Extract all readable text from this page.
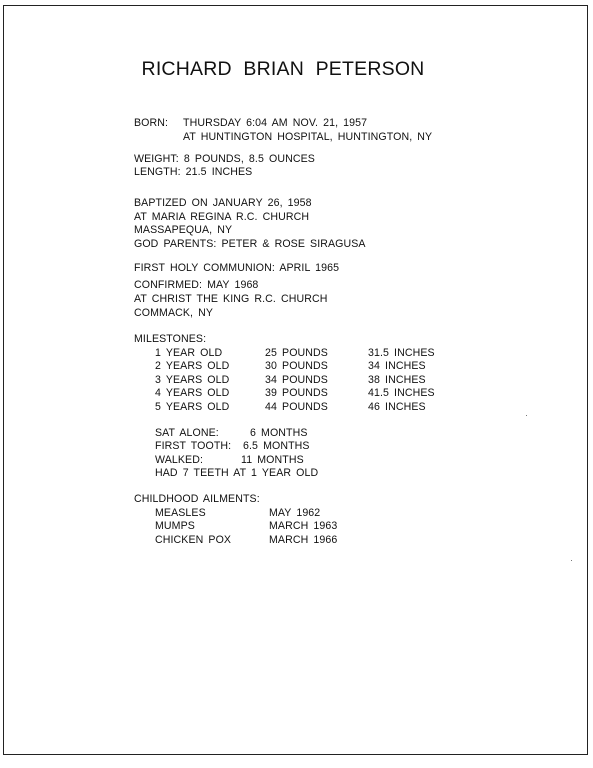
RICHARD BRIAN PETERSON
BORN: THURSDAY 6:04 AM NOV. 21, 1957
AT HUNTINGTON HOSPITAL, HUNTINGTON, NY
WEIGHT: 8 POUNDS, 8.5 OUNCES
LENGTH: 21.5 INCHES
BAPTIZED ON JANUARY 26, 1958
AT MARIA REGINA R.C. CHURCH
MASSAPEQUA, NY
GOD PARENTS: PETER & ROSE SIRAGUSA
FIRST HOLY COMMUNION: APRIL 1965
CONFIRMED: MAY 1968
AT CHRIST THE KING R.C. CHURCH
COMMACK, NY
MILESTONES:
1 YEAR OLD	25 POUNDS	31.5 INCHES
2 YEARS OLD	30 POUNDS	34 INCHES
3 YEARS OLD	34 POUNDS	38 INCHES
4 YEARS OLD	39 POUNDS	41.5 INCHES
5 YEARS OLD	44 POUNDS	46 INCHES
SAT ALONE:	6 MONTHS
FIRST TOOTH: 6.5 MONTHS
WALKED:	11 MONTHS
HAD 7 TEETH AT 1 YEAR OLD
CHILDHOOD AILMENTS:
MEASLES	MAY 1962
MUMPS	MARCH 1963
CHICKEN POX	MARCH 1966
